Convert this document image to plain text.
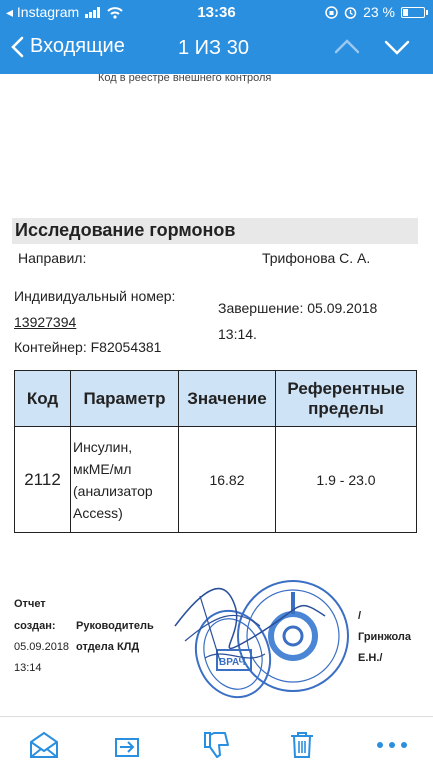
◂ Instagram	13:36	23 %
Входящие	1 ИЗ 30
Код в реестре внешнего контроля
Исследование гормонов
Направил:	Трифонова С. А.
Индивидуальный номер:
13927394
Завершение: 05.09.2018
13:14.
Контейнер: F82054381
Код	Параметр	Значение	Референтные пределы
2112	Инсулин,
мкМЕ/мл
(анализатор
Access)	16.82	1.9 - 23.0
Отчет
создан:
05.09.2018
13:14
Руководитель
отдела КЛД
/
Гринжола
Е.Н./
ВРАЧ
